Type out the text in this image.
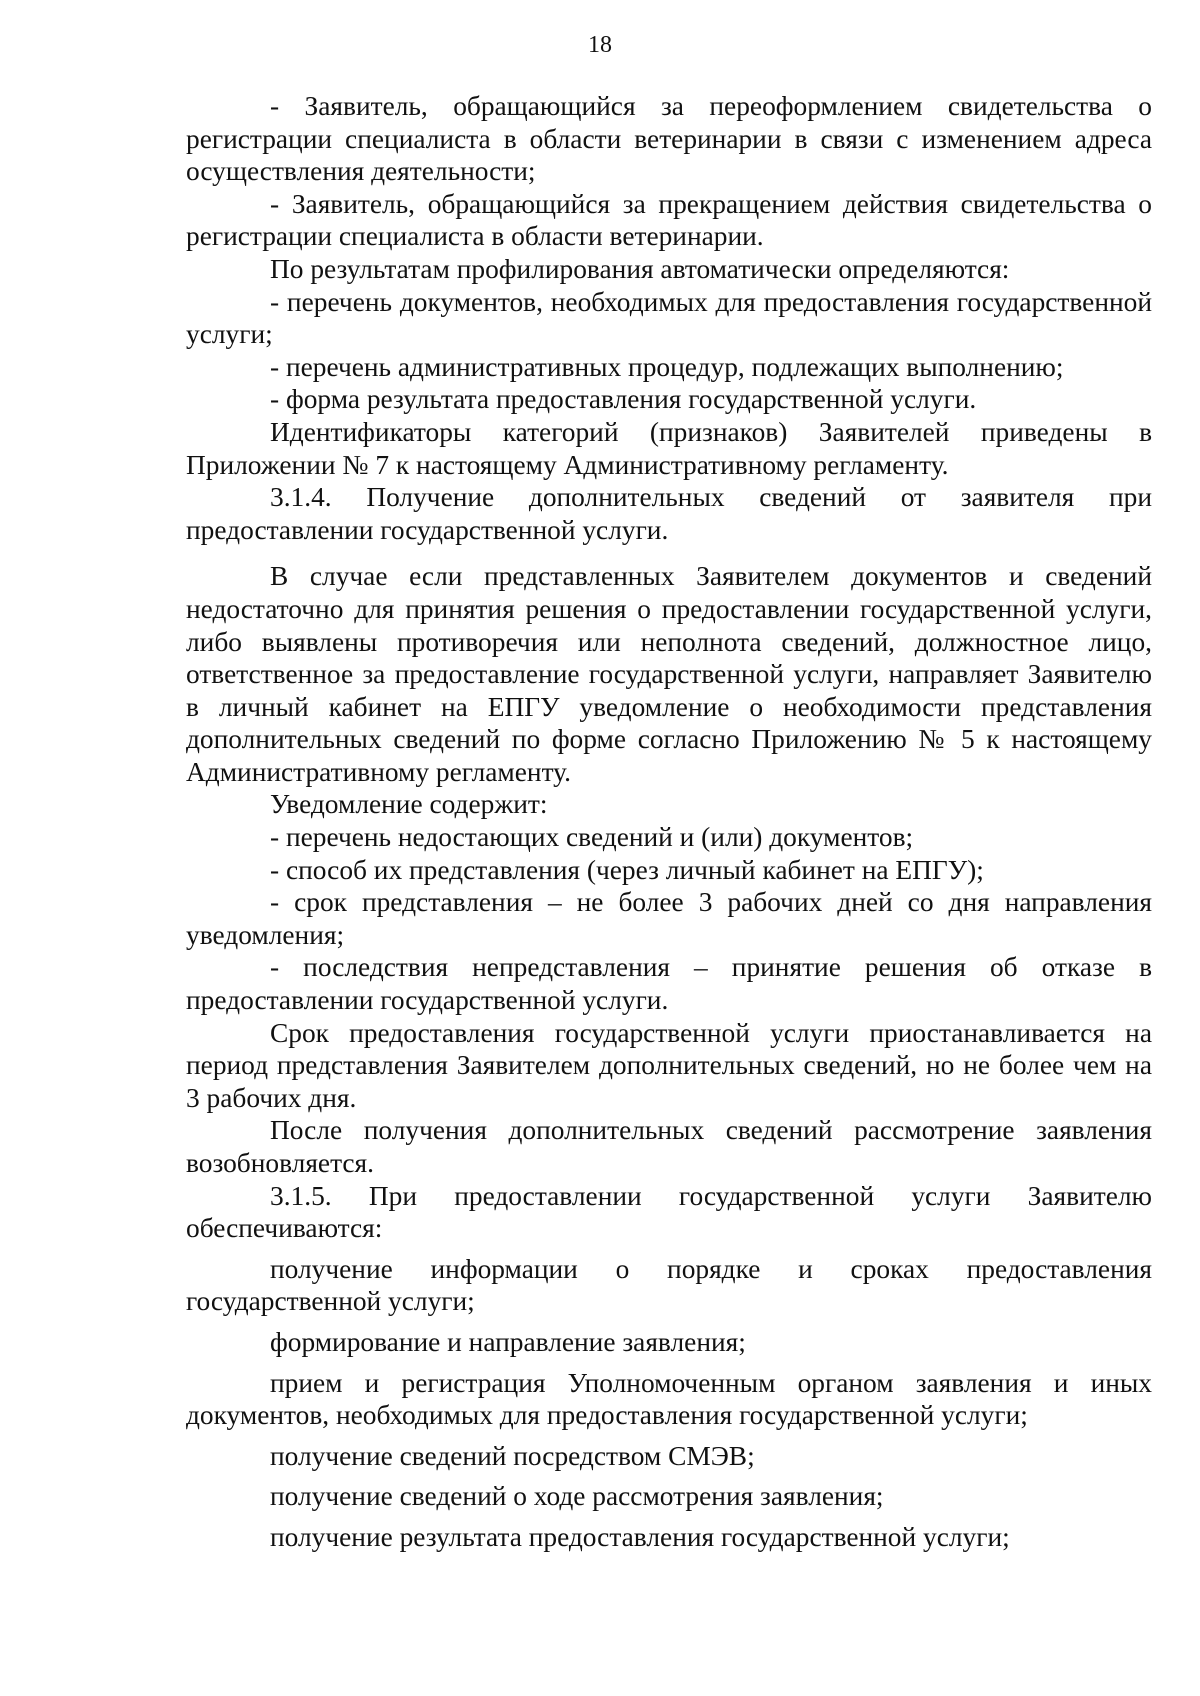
18

- Заявитель, обращающийся за переоформлением свидетельства о регистрации специалиста в области ветеринарии в связи с изменением адреса осуществления деятельности;

- Заявитель, обращающийся за прекращением действия свидетельства о регистрации специалиста в области ветеринарии.

По результатам профилирования автоматически определяются:

- перечень документов, необходимых для предоставления государственной услуги;

- перечень административных процедур, подлежащих выполнению;

- форма результата предоставления государственной услуги.

Идентификаторы категорий (признаков) Заявителей приведены в Приложении № 7 к настоящему Административному регламенту.

3.1.4. Получение дополнительных сведений от заявителя при предоставлении государственной услуги.

В случае если представленных Заявителем документов и сведений недостаточно для принятия решения о предоставлении государственной услуги, либо выявлены противоречия или неполнота сведений, должностное лицо, ответственное за предоставление государственной услуги, направляет Заявителю в личный кабинет на ЕПГУ уведомление о необходимости представления дополнительных сведений по форме согласно Приложению № 5 к настоящему Административному регламенту.

Уведомление содержит:

- перечень недостающих сведений и (или) документов;

- способ их представления (через личный кабинет на ЕПГУ);

- срок представления – не более 3 рабочих дней со дня направления уведомления;

- последствия непредставления – принятие решения об отказе в предоставлении государственной услуги.

Срок предоставления государственной услуги приостанавливается на период представления Заявителем дополнительных сведений, но не более чем на 3 рабочих дня.

После получения дополнительных сведений рассмотрение заявления возобновляется.

3.1.5. При предоставлении государственной услуги Заявителю обеспечиваются:

получение информации о порядке и сроках предоставления государственной услуги;

формирование и направление заявления;

прием и регистрация Уполномоченным органом заявления и иных документов, необходимых для предоставления государственной услуги;

получение сведений посредством СМЭВ;

получение сведений о ходе рассмотрения заявления;

получение результата предоставления государственной услуги;
